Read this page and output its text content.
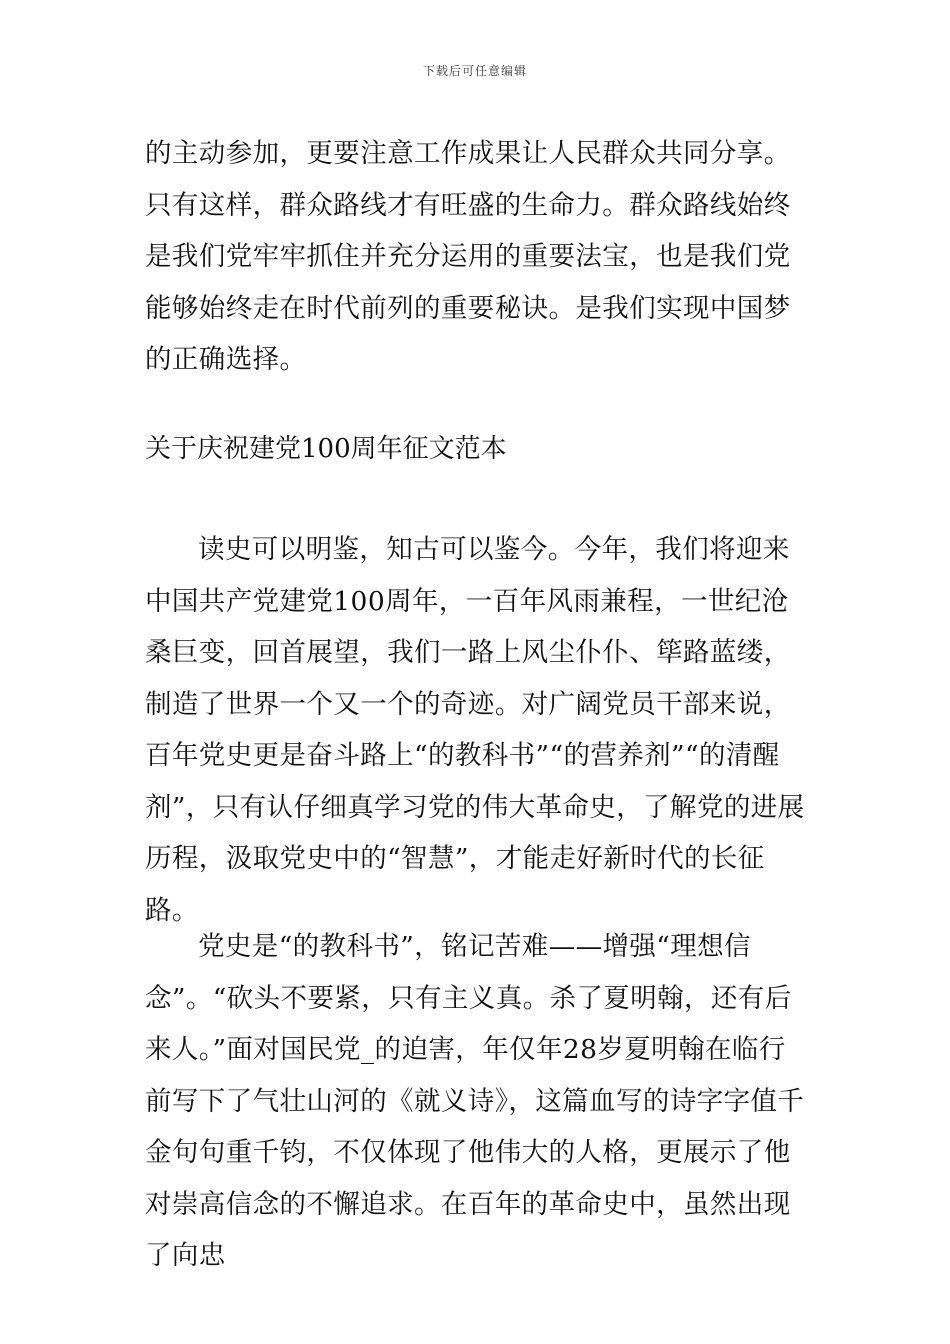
下载后可任意编辑

的主动参加，更要注意工作成果让人民群众共同分享。只有这样，群众路线才有旺盛的生命力。群众路线始终是我们党牢牢抓住并充分运用的重要法宝，也是我们党能够始终走在时代前列的重要秘诀。是我们实现中国梦的正确选择。

关于庆祝建党100周年征文范本

读史可以明鉴，知古可以鉴今。今年，我们将迎来中国共产党建党100周年，一百年风雨兼程，一世纪沧桑巨变，回首展望，我们一路上风尘仆仆、筚路蓝缕，制造了世界一个又一个的奇迹。对广阔党员干部来说，百年党史更是奋斗路上“的教科书”“的营养剂”“的清醒剂”，只有认仔细真学习党的伟大革命史，了解党的进展历程，汲取党史中的“智慧”，才能走好新时代的长征路。

党史是“的教科书”，铭记苦难——增强“理想信念”。“砍头不要紧，只有主义真。杀了夏明翰，还有后来人。”面对国民党_的迫害，年仅年28岁夏明翰在临行前写下了气壮山河的《就义诗》，这篇血写的诗字字值千金句句重千钧，不仅体现了他伟大的人格，更展示了他对崇高信念的不懈追求。在百年的革命史中，虽然出现了向忠
